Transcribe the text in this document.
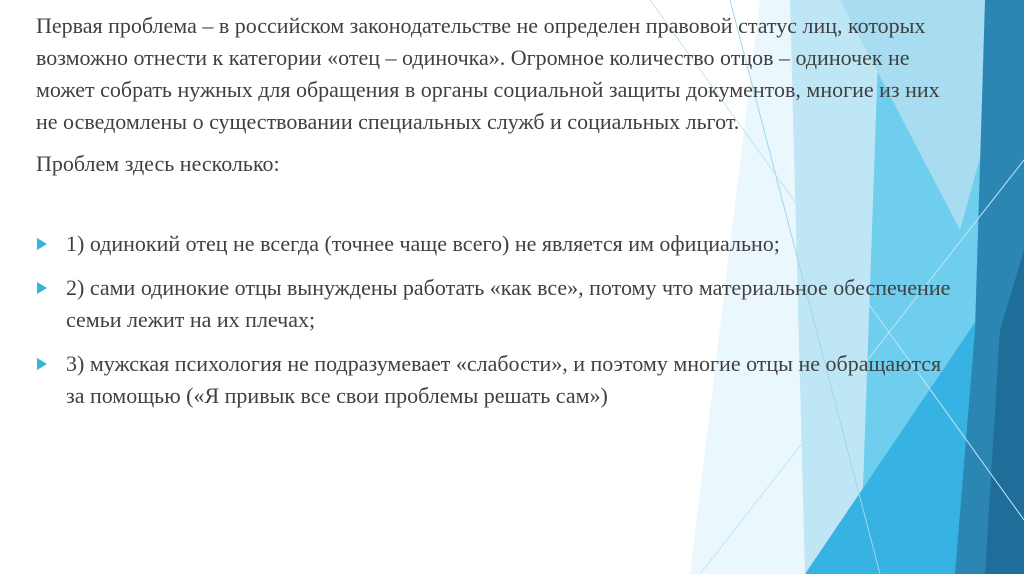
Первая проблема – в российском законодательстве не определен правовой статус лиц, которых возможно отнести к категории «отец – одиночка». Огромное количество отцов – одиночек не может собрать нужных для обращения в органы социальной защиты документов, многие из них не осведомлены о существовании специальных служб и социальных льгот.

Проблем здесь несколько:

1) одинокий отец не всегда (точнее чаще всего) не является им официально;
2) сами одинокие отцы вынуждены работать «как все», потому что материальное обеспечение семьи лежит на их плечах;
3) мужская психология не подразумевает «слабости», и поэтому многие отцы не обращаются за помощью («Я привык все свои проблемы решать сам»)
